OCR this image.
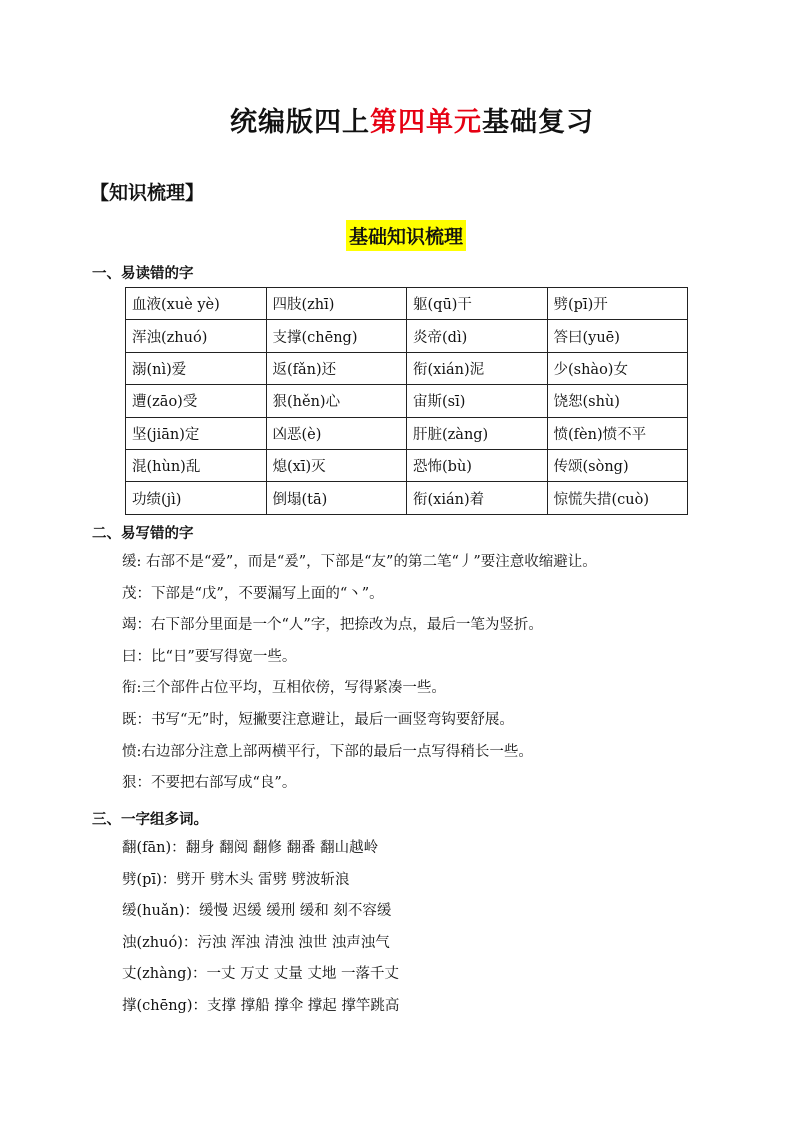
统编版四上第四单元基础复习
【知识梳理】
基础知识梳理
一、易读错的字
血液(xuè yè)	四肢(zhī)	躯(qū)干	劈(pī)开
浑浊(zhuó)	支撑(chēng)	炎帝(dì)	答曰(yuē)
溺(nì)爱	返(fǎn)还	衔(xián)泥	少(shào)女
遭(zāo)受	狠(hěn)心	宙斯(sī)	饶恕(shù)
坚(jiān)定	凶恶(è)	肝脏(zàng)	愤(fèn)愤不平
混(hùn)乱	熄(xī)灭	恐怖(bù)	传颂(sòng)
功绩(jì)	倒塌(tā)	衔(xián)着	惊慌失措(cuò)
二、易写错的字
缓: 右部不是“爱”，而是“爰”，下部是“友”的第二笔“丿”要注意收缩避让。
茂：下部是“戊”，不要漏写上面的“丶”。
竭：右下部分里面是一个“人”字，把捺改为点，最后一笔为竖折。
曰：比“日”要写得宽一些。
衔:三个部件占位平均，互相依傍，写得紧凑一些。
既：书写“无”时，短撇要注意避让，最后一画竖弯钩要舒展。
愤:右边部分注意上部两横平行，下部的最后一点写得稍长一些。
狠：不要把右部写成“良”。
三、一字组多词。
翻(fān)：翻身 翻阅 翻修 翻番 翻山越岭
劈(pī)：劈开 劈木头 雷劈 劈波斩浪
缓(huǎn)：缓慢 迟缓 缓刑 缓和 刻不容缓
浊(zhuó)：污浊 浑浊 清浊 浊世 浊声浊气
丈(zhàng)：一丈 万丈 丈量 丈地 一落千丈
撑(chēng)：支撑 撑船 撑伞 撑起 撑竿跳高
